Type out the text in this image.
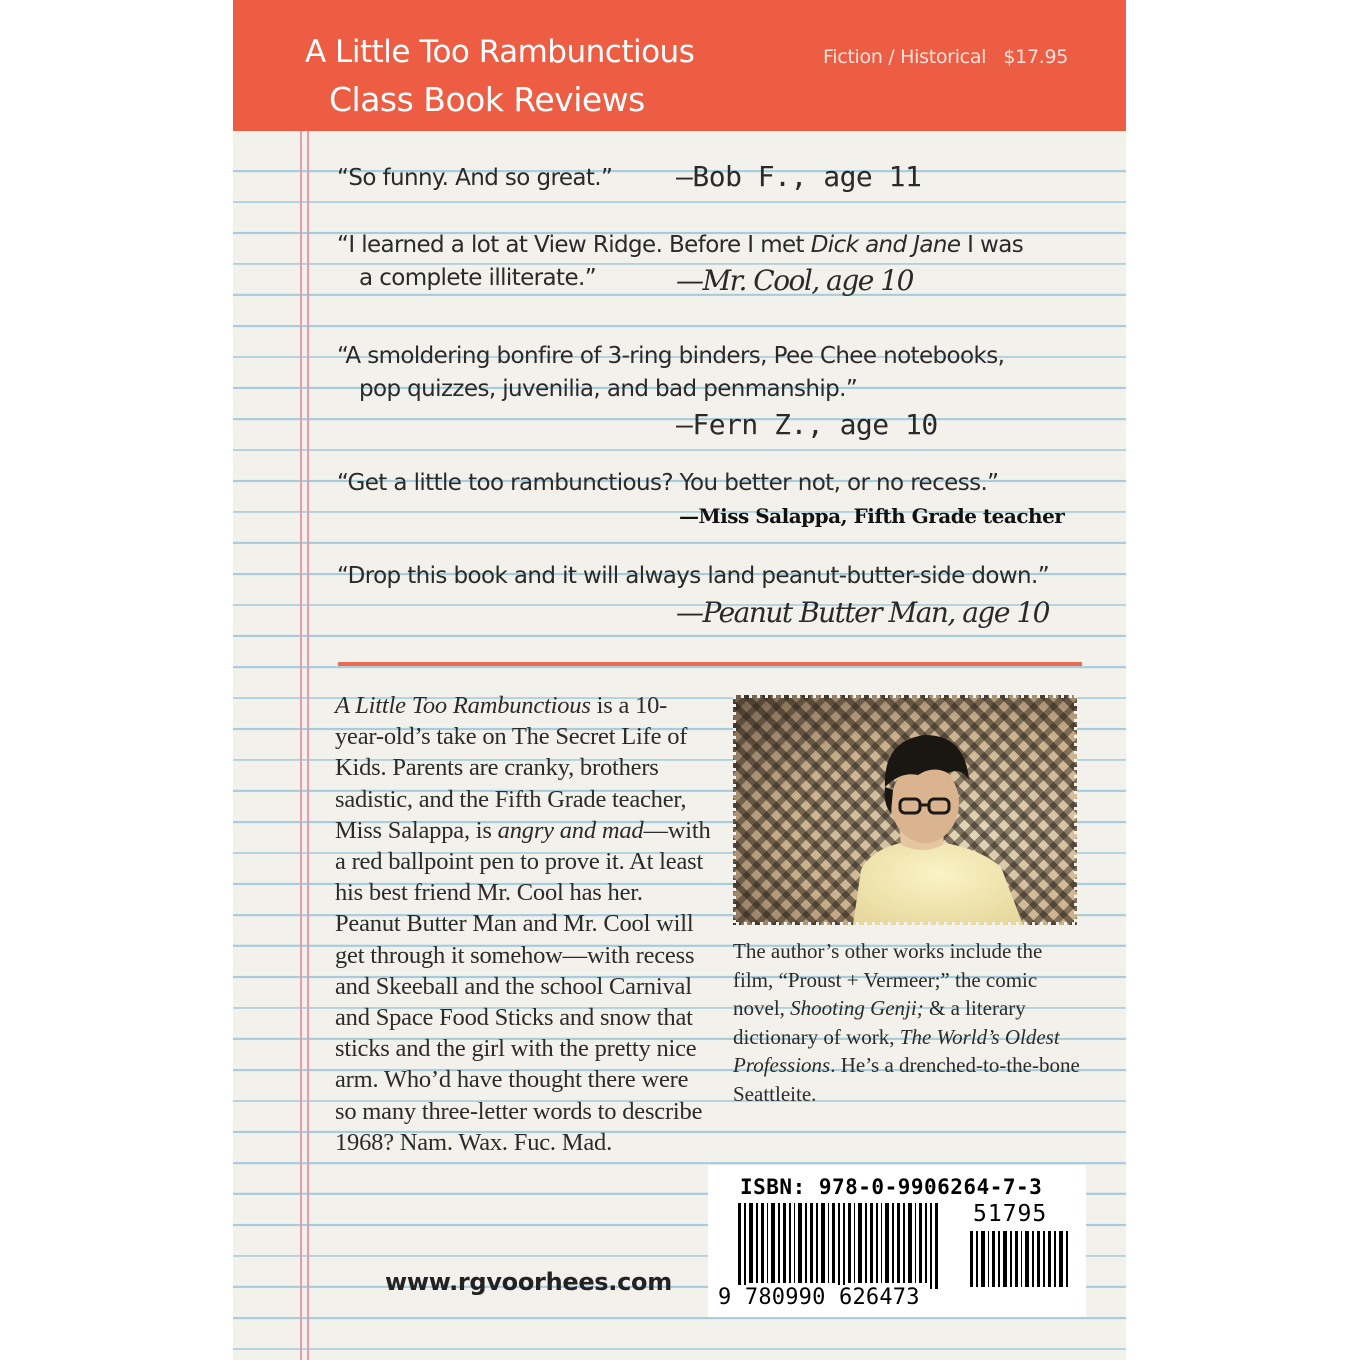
A Little Too Rambunctious
Class Book Reviews
Fiction / Historical   $17.95
“So funny. And so great.” —Bob F., age 11
“I learned a lot at View Ridge. Before I met Dick and Jane I was
a complete illiterate.”	—Mr. Cool, age 10
“A smoldering bonfire of 3-ring binders, Pee Chee notebooks,
pop quizzes, juvenilia, and bad penmanship.”
—Fern Z., age 10
“Get a little too rambunctious? You better not, or no recess.”
—Miss Salappa, Fifth Grade teacher
“Drop this book and it will always land peanut-butter-side down.”
—Peanut Butter Man, age 10
A Little Too Rambunctious is a 10-year-old’s take on The Secret Life of Kids. Parents are cranky, brothers sadistic, and the Fifth Grade teacher, Miss Salappa, is angry and mad—with a red ballpoint pen to prove it. At least his best friend Mr. Cool has her. Peanut Butter Man and Mr. Cool will get through it somehow—with recess and Skeeball and the school Carnival and Space Food Sticks and snow that sticks and the girl with the pretty nice arm. Who’d have thought there were so many three-letter words to describe 1968? Nam. Wax. Fuc. Mad.
The author’s other works include the film, “Proust + Vermeer;” the comic novel, Shooting Genji; & a literary dictionary of work, The World’s Oldest Professions. He’s a drenched-to-the-bone Seattleite.
www.rgvoorhees.com
ISBN: 978-0-9906264-7-3
51795
9 780990 626473
